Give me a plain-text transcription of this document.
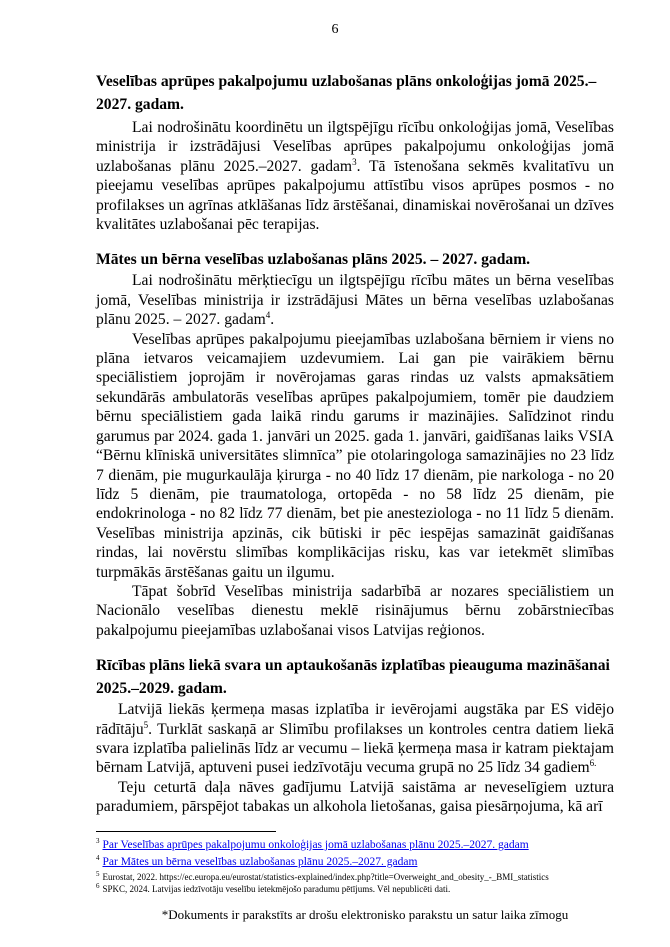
6
Veselības aprūpes pakalpojumu uzlabošanas plāns onkoloģijas jomā 2025.–2027. gadam.

Lai nodrošinātu koordinētu un ilgtspējīgu rīcību onkoloģijas jomā, Veselības ministrija ir izstrādājusi Veselības aprūpes pakalpojumu onkoloģijas jomā uzlabošanas plānu 2025.–2027. gadam$^3$. Tā īstenošana sekmēs kvalitatīvu un pieejamu veselības aprūpes pakalpojumu attīstību visos aprūpes posmos - no profilakses un agrīnas atklāšanas līdz ārstēšanai, dinamiskai novērošanai un dzīves kvalitātes uzlabošanai pēc terapijas.

Mātes un bērna veselības uzlabošanas plāns 2025. – 2027. gadam.

Lai nodrošinātu mērķtiecīgu un ilgtspējīgu rīcību mātes un bērna veselības jomā, Veselības ministrija ir izstrādājusi Mātes un bērna veselības uzlabošanas plānu 2025. – 2027. gadam$^4$.

Veselības aprūpes pakalpojumu pieejamības uzlabošana bērniem ir viens no plāna ietvaros veicamajiem uzdevumiem. Lai gan pie vairākiem bērnu speciālistiem joprojām ir novērojamas garas rindas uz valsts apmaksātiem sekundārās ambulatorās veselības aprūpes pakalpojumiem, tomēr pie daudziem bērnu speciālistiem gada laikā rindu garums ir mazinājies. Salīdzinot rindu garumus par 2024. gada 1. janvāri un 2025. gada 1. janvāri, gaidīšanas laiks VSIA “Bērnu klīniskā universitātes slimnīca” pie otolaringologa samazinājies no 23 līdz 7 dienām, pie mugurkaulāja ķirurga - no 40 līdz 17 dienām, pie narkologa - no 20 līdz 5 dienām, pie traumatologa, ortopēda - no 58 līdz 25 dienām, pie endokrinologa - no 82 līdz 77 dienām, bet pie anesteziologa - no 11 līdz 5 dienām. Veselības ministrija apzinās, cik būtiski ir pēc iespējas samazināt gaidīšanas rindas, lai novērstu slimības komplikācijas risku, kas var ietekmēt slimības turpmākās ārstēšanas gaitu un ilgumu.

Tāpat šobrīd Veselības ministrija sadarbībā ar nozares speciālistiem un Nacionālo veselības dienestu meklē risinājumus bērnu zobārstniecības pakalpojumu pieejamības uzlabošanai visos Latvijas reģionos.

Rīcības plāns liekā svara un aptaukošanās izplatības pieauguma mazināšanai 2025.–2029. gadam.

Latvijā liekās ķermeņa masas izplatība ir ievērojami augstāka par ES vidējo rādītāju$^5$. Turklāt saskaņā ar Slimību profilakses un kontroles centra datiem liekā svara izplatība palielinās līdz ar vecumu – liekā ķermeņa masa ir katram piektajam bērnam Latvijā, aptuveni pusei iedzīvotāju vecuma grupā no 25 līdz 34 gadiem$^{6.}$

Teju ceturtā daļa nāves gadījumu Latvijā saistāma ar neveselīgiem uztura paradumiem, pārspējot tabakas un alkohola lietošanas, gaisa piesārņojuma, kā arī

$^3$ Par Veselības aprūpes pakalpojumu onkoloģijas jomā uzlabošanas plānu 2025.–2027. gadam
$^4$ Par Mātes un bērna veselības uzlabošanas plānu 2025.–2027. gadam
$^5$ Eurostat, 2022. https://ec.europa.eu/eurostat/statistics-explained/index.php?title=Overweight_and_obesity_-_BMI_statistics
$^6$ SPKC, 2024. Latvijas iedzīvotāju veselību ietekmējošo paradumu pētījums. Vēl nepublicēti dati.
*Dokuments ir parakstīts ar drošu elektronisko parakstu un satur laika zīmogu
